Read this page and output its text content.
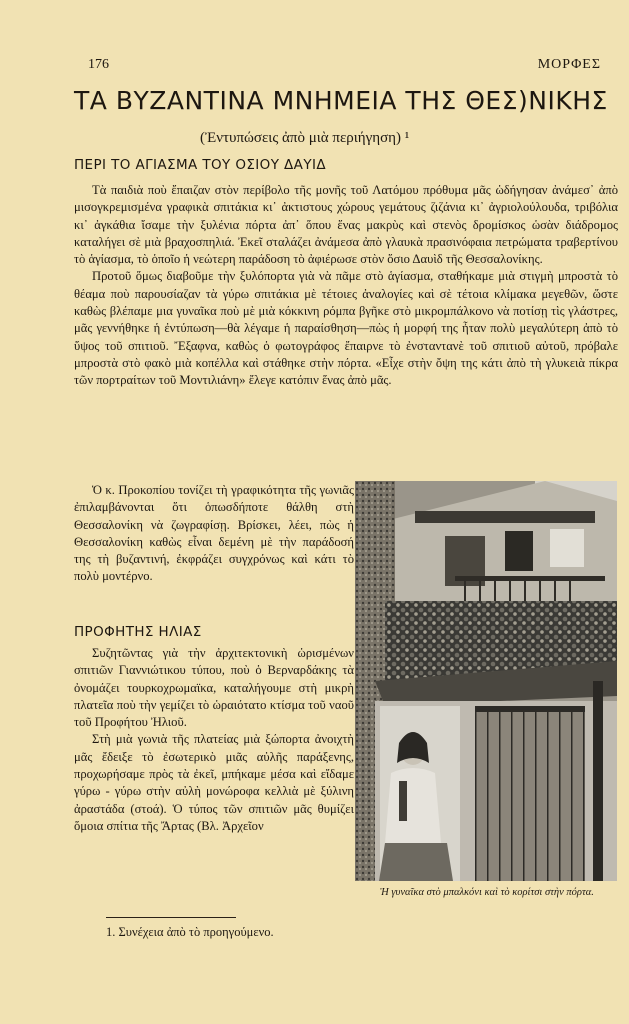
176	ΜΟΡΦΕΣ
ΤΑ ΒΥΖΑΝΤΙΝΑ ΜΝΗΜΕΙΑ ΤΗΣ ΘΕΣ)ΝΙΚΗΣ
(Ἐντυπώσεις ἀπὸ μιὰ περιήγηση) ¹
ΠΕΡΙ ΤΟ ΑΓΙΑΣΜΑ ΤΟΥ ΟΣΙΟΥ ΔΑΥΙΔ

Τὰ παιδιὰ ποὺ ἔπαιζαν στὸν περίβολο τῆς μονῆς τοῦ Λατόμου πρόθυμα μᾶς ὡδήγησαν ἀνάμεσ᾽ ἀπὸ μισογκρεμισμένα γραφικὰ σπιτάκια κι᾽ ἀκτιστους χώρους γεμάτους ζιζάνια κι᾽ ἀγριολούλουδα, τριβόλια κι᾽ ἀγκάθια ἴσαμε τὴν ξυλένια πόρτα ἀπ᾽ ὅπου ἕνας μακρὺς καὶ στενὸς δρομίσκος ὡσὰν διάδρομος καταλήγει σὲ μιὰ βραχοσπηλιά. Ἐκεῖ σταλάζει ἀνάμεσα ἀπὸ γλαυκὰ πρασινόφαια πετρώματα τραβερτίνου τὸ ἁγίασμα, τὸ ὁποῖο ἡ νεώτερη παράδοση τὸ ἀφιέρωσε στὸν ὅσιο Δαυὶδ τῆς Θεσσαλονίκης.

Προτοῦ ὅμως διαβοῦμε τὴν ξυλόπορτα γιὰ νὰ πᾶμε στὸ ἁγίασμα, σταθήκαμε μιὰ στιγμὴ μπροστὰ τὸ θέαμα ποὺ παρουσίαζαν τὰ γύρω σπιτάκια μὲ τέτοιες ἀναλογίες καὶ σὲ τέτοια κλίμακα μεγεθῶν, ὥστε καθὼς βλέπαμε μια γυναῖκα ποὺ μὲ μιὰ κόκκινη ρόμπα βγῆκε στὸ μικρομπάλκονο νὰ ποτίσῃ τὶς γλάστρες, μᾶς γεννήθηκε ἡ ἐντύπωση—θὰ λέγαμε ἡ παραίσθηση—πὼς ἡ μορφή της ἦταν πολὺ μεγαλύτερη ἀπὸ τὸ ὕψος τοῦ σπιτιοῦ. Ἔξαφνα, καθὼς ὁ φωτογράφος ἔπαιρνε τὸ ἐνσταντανὲ τοῦ σπιτιοῦ αὐτοῦ, πρόβαλε μπροστὰ στὸ φακὸ μιὰ κοπέλλα καὶ στάθηκε στὴν πόρτα. «Εἶχε στὴν ὄψη της κάτι ἀπὸ τὴ γλυκειὰ πίκρα τῶν πορτραίτων τοῦ Μοντιλιάνη» ἔλεγε κατόπιν ἕνας ἀπὸ μᾶς.

Ὁ κ. Προκοπίου τονίζει τὴ γραφικότητα τῆς γωνιᾶς ἐπιλαμβάνονται ὅτι ὁπωσδήποτε θάλθη στὴ Θεσσαλονίκη νὰ ζωγραφίσῃ. Βρίσκει, λέει, πὼς ἡ Θεσσαλονίκη καθὼς εἶναι δεμένη μὲ τὴν παράδοσή της τὴ βυζαντινή, ἐκφράζει συγχρόνως καὶ κάτι τὸ πολὺ μοντέρνο.

ΠΡΟΦΗΤΗΣ ΗΛΙΑΣ

Συζητῶντας γιὰ τὴν ἀρχιτεκτονικὴ ὡρισμένων σπιτιῶν Γιαννιώτικου τύπου, ποὺ ὁ Βερναρδάκης τὰ ὀνομάζει τουρκοχρωμαϊκα, καταλήγουμε στὴ μικρὴ πλατεῖα ποὺ τὴν γεμίζει τὸ ὡραιότατο κτίσμα τοῦ ναοῦ τοῦ Προφήτου Ἠλιοῦ.

Στὴ μιὰ γωνιὰ τῆς πλατείας μιὰ ξώπορτα ἀνοιχτὴ μᾶς ἔδειξε τὸ ἐσωτερικὸ μιᾶς αὐλῆς παράξενης, προχωρήσαμε πρὸς τὰ ἐκεῖ, μπήκαμε μέσα καὶ εἴδαμε γύρω - γύρω στὴν αὐλὴ μονώροφα κελλιὰ μὲ ξύλινη ἀραστάδα (στοά). Ὁ τύπος τῶν σπιτιῶν μᾶς θυμίζει ὅμοια σπίτια τῆς Ἄρτας (Βλ. Ἀρχεῖον

Ἡ γυναῖκα στὸ μπαλκόνι καὶ τὸ κορίτσι στὴν πόρτα.
1. Συνέχεια ἀπὸ τὸ προηγούμενο.
